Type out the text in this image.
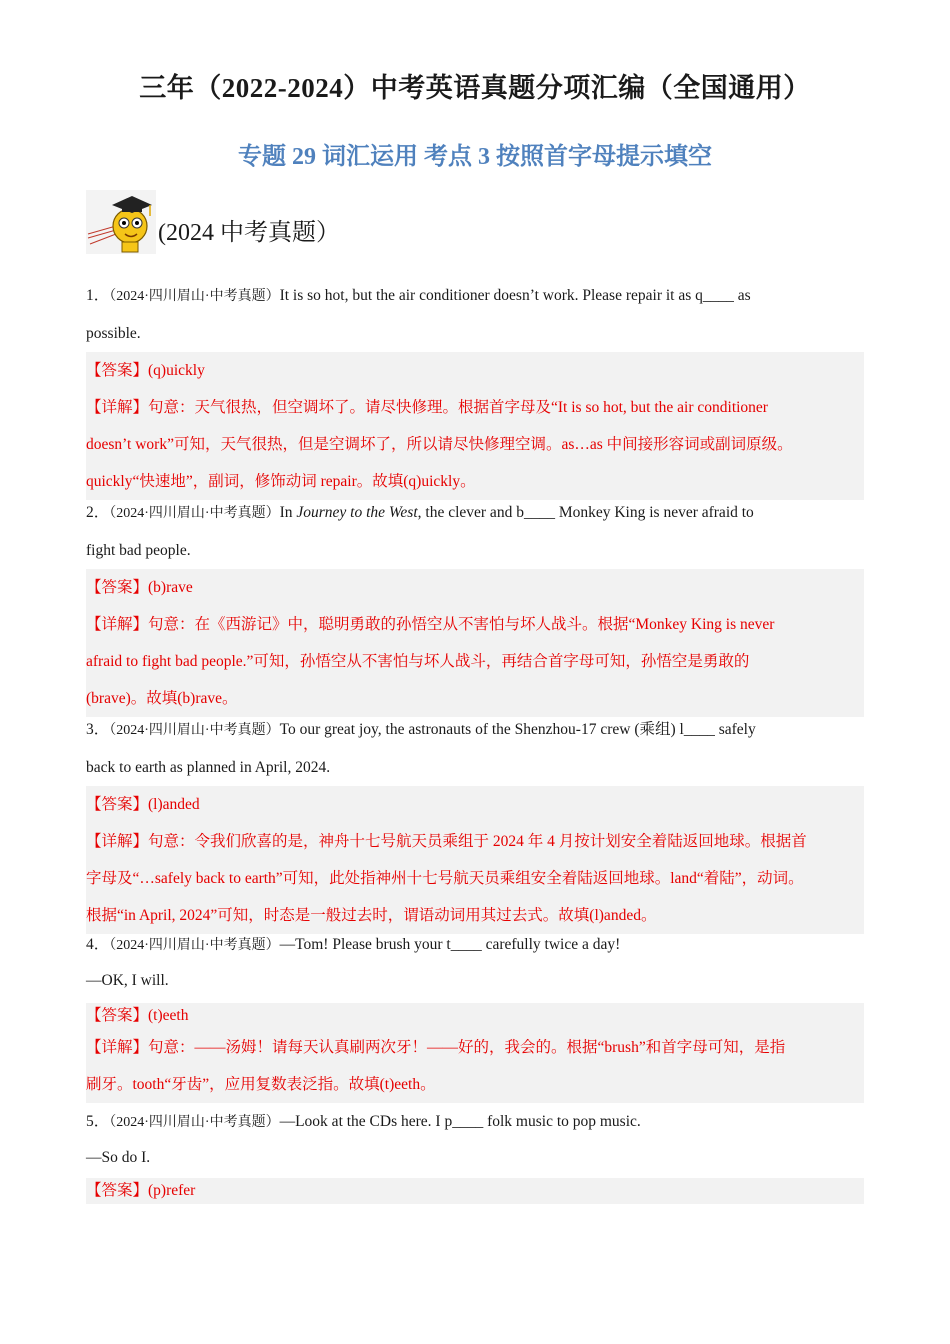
三年（2022-2024）中考英语真题分项汇编（全国通用）
专题 29 词汇运用 考点 3 按照首字母提示填空
(2024 中考真题）

1．（2024·四川眉山·中考真题）It is so hot, but the air conditioner doesn’t work. Please repair it as q____ as

possible.

【答案】(q)uickly

【详解】句意：天气很热，但空调坏了。请尽快修理。根据首字母及“It is so hot, but the air conditioner

doesn’t work”可知，天气很热，但是空调坏了，所以请尽快修理空调。as…as 中间接形容词或副词原级。

quickly“快速地”，副词，修饰动词 repair。故填(q)uickly。

2．（2024·四川眉山·中考真题）In Journey to the West, the clever and b____ Monkey King is never afraid to

fight bad people.

【答案】(b)rave

【详解】句意：在《西游记》中，聪明勇敢的孙悟空从不害怕与坏人战斗。根据“Monkey King is never

afraid to fight bad people.”可知，孙悟空从不害怕与坏人战斗，再结合首字母可知，孙悟空是勇敢的

(brave)。故填(b)rave。

3．（2024·四川眉山·中考真题）To our great joy, the astronauts of the Shenzhou-17 crew (乘组) l____ safely

back to earth as planned in April, 2024.

【答案】(l)anded

【详解】句意：令我们欣喜的是，神舟十七号航天员乘组于 2024 年 4 月按计划安全着陆返回地球。根据首

字母及“…safely back to earth”可知，此处指神州十七号航天员乘组安全着陆返回地球。land“着陆”，动词。

根据“in April, 2024”可知，时态是一般过去时，谓语动词用其过去式。故填(l)anded。

4．（2024·四川眉山·中考真题）—Tom! Please brush your t____ carefully twice a day!

—OK, I will.

【答案】(t)eeth

【详解】句意：——汤姆！请每天认真刷两次牙！——好的，我会的。根据“brush”和首字母可知，是指

刷牙。tooth“牙齿”，应用复数表泛指。故填(t)eeth。

5．（2024·四川眉山·中考真题）—Look at the CDs here. I p____ folk music to pop music.

—So do I.

【答案】(p)refer
